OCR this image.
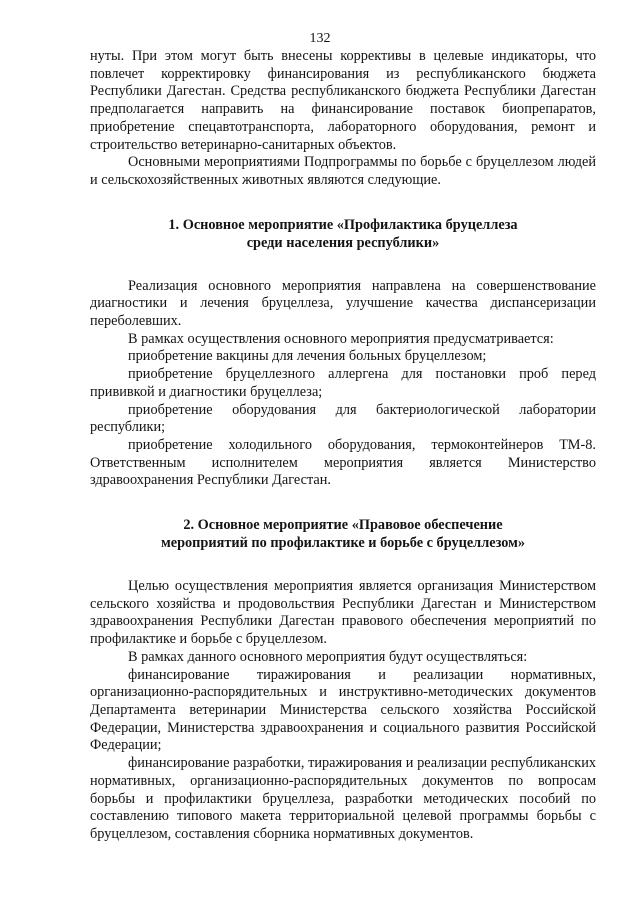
132

нуты. При этом могут быть внесены коррективы в целевые индикаторы, что повлечет корректировку финансирования из республиканского бюджета Республики Дагестан. Средства республиканского бюджета Республики Дагестан предполагается направить на финансирование поставок биопрепаратов, приобретение спецавтотранспорта, лабораторного оборудования, ремонт и строительство ветеринарно-санитарных объектов.

Основными мероприятиями Подпрограммы по борьбе с бруцеллезом людей и сельскохозяйственных животных являются следующие.

1. Основное мероприятие «Профилактика бруцеллеза
среди населения республики»

Реализация основного мероприятия направлена на совершенствование диагностики и лечения бруцеллеза, улучшение качества диспансеризации переболевших.

В рамках осуществления основного мероприятия предусматривается:

приобретение вакцины для лечения больных бруцеллезом;

приобретение бруцеллезного аллергена для постановки проб перед прививкой и диагностики бруцеллеза;

приобретение оборудования для бактериологической лаборатории республики;

приобретение холодильного оборудования, термоконтейнеров ТМ-8. Ответственным исполнителем мероприятия является Министерство здравоохранения Республики Дагестан.

2. Основное мероприятие «Правовое обеспечение
мероприятий по профилактике и борьбе с бруцеллезом»

Целью осуществления мероприятия является организация Министерством сельского хозяйства и продовольствия Республики Дагестан и Министерством здравоохранения Республики Дагестан правового обеспечения мероприятий по профилактике и борьбе с бруцеллезом.

В рамках данного основного мероприятия будут осуществляться:

финансирование тиражирования и реализации нормативных, организационно-распорядительных и инструктивно-методических документов Департамента ветеринарии Министерства сельского хозяйства Российской Федерации, Министерства здравоохранения и социального развития Российской Федерации;

финансирование разработки, тиражирования и реализации республиканских нормативных, организационно-распорядительных документов по вопросам борьбы и профилактики бруцеллеза, разработки методических пособий по составлению типового макета территориальной целевой программы борьбы с бруцеллезом, составления сборника нормативных документов.
